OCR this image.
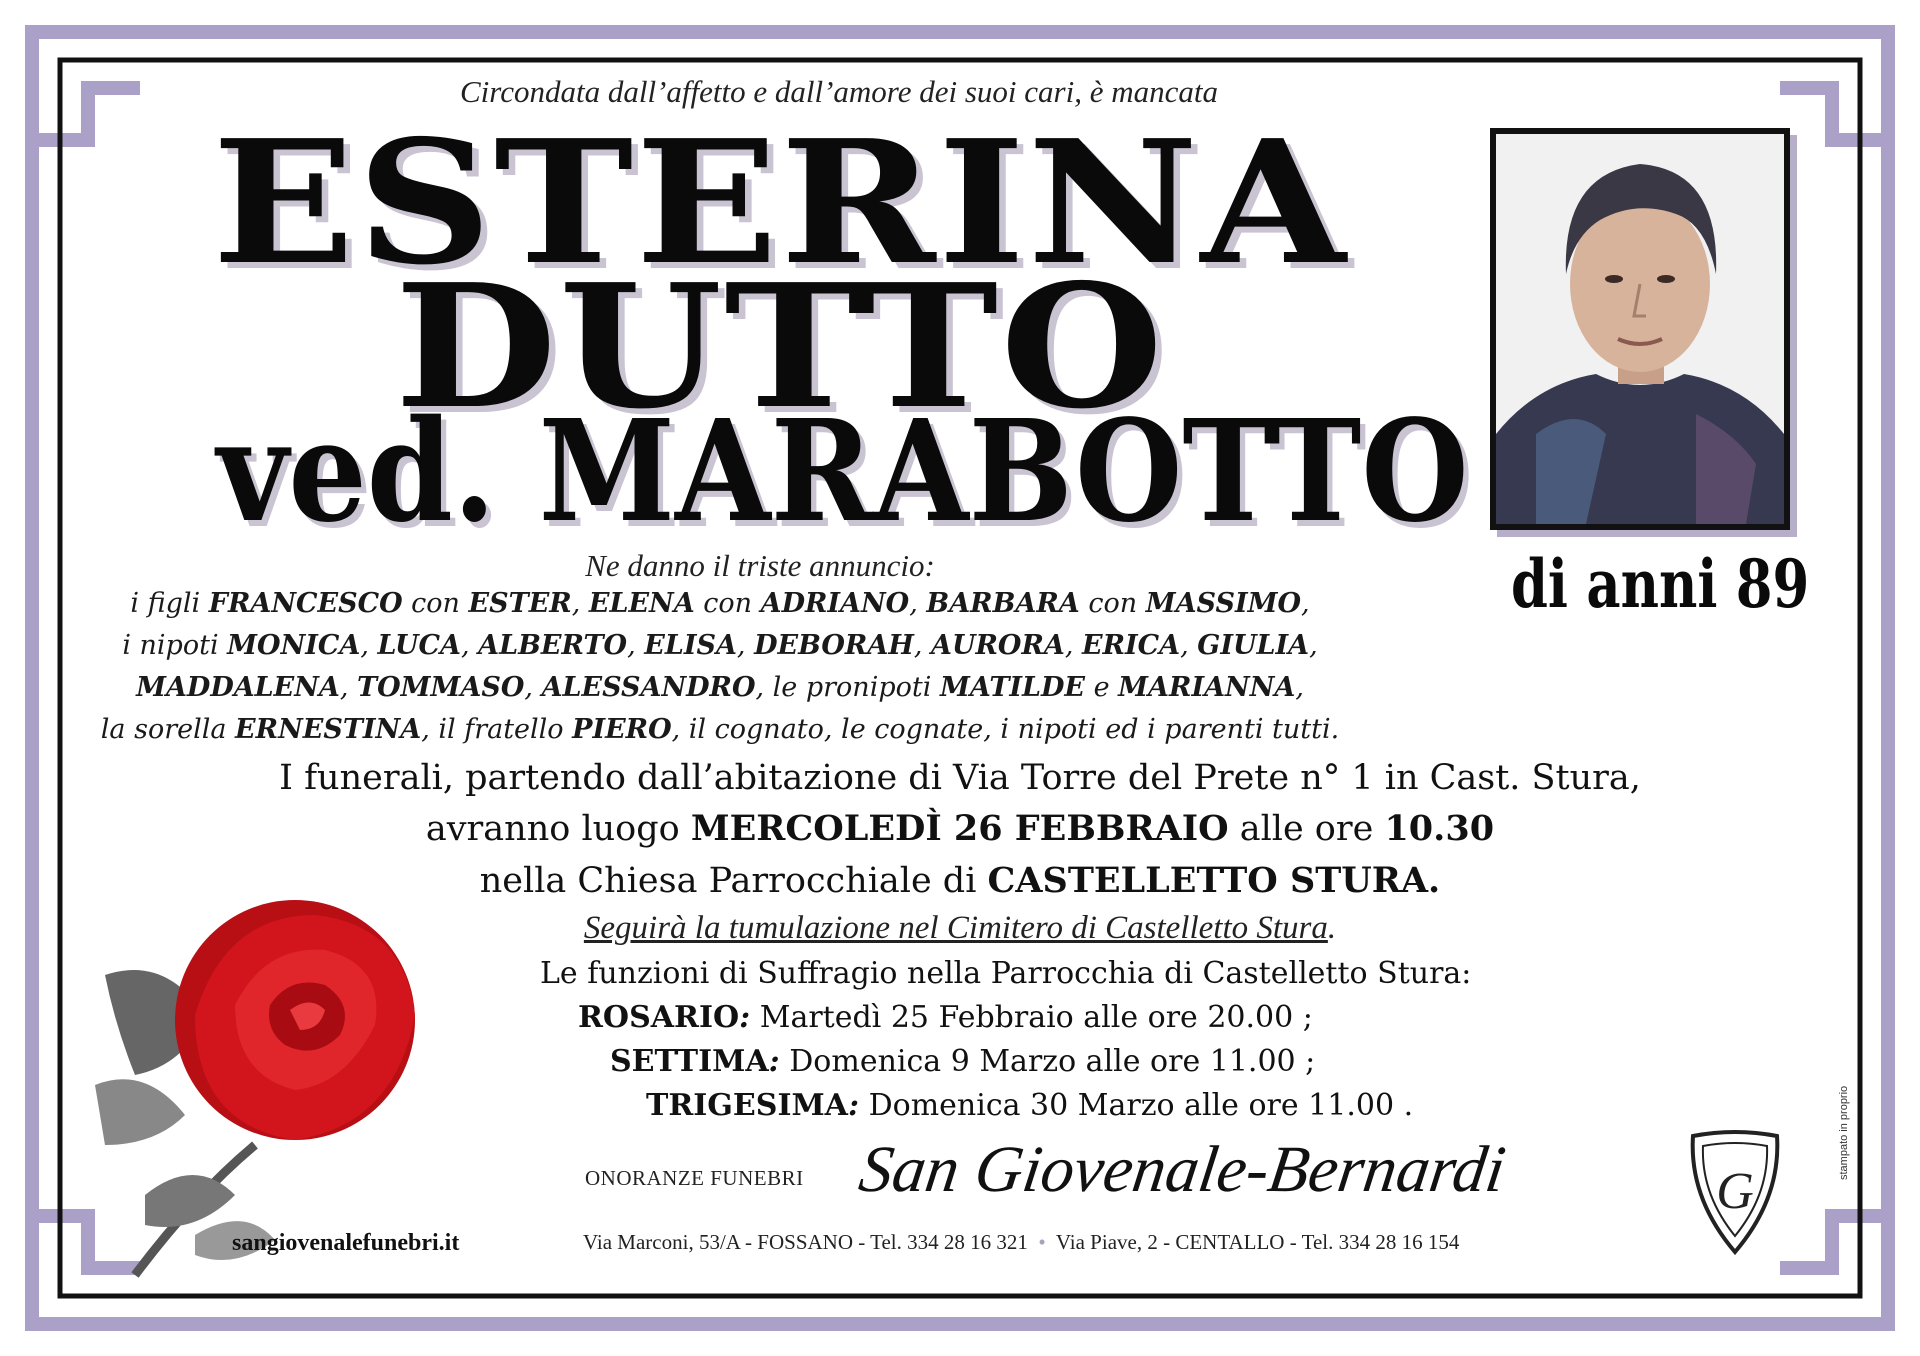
Circondata dall’affetto e dall’amore dei suoi cari, è mancata
ESTERINA
DUTTO
ved. MARABOTTO
di anni 89
Ne danno il triste annuncio:
i figli FRANCESCO con ESTER, ELENA con ADRIANO, BARBARA con MASSIMO,
i nipoti MONICA, LUCA, ALBERTO, ELISA, DEBORAH, AURORA, ERICA, GIULIA,
MADDALENA, TOMMASO, ALESSANDRO, le pronipoti MATILDE e MARIANNA,
la sorella ERNESTINA, il fratello PIERO, il cognato, le cognate, i nipoti ed i parenti tutti.
I funerali, partendo dall’abitazione di Via Torre del Prete n° 1 in Cast. Stura,
avranno luogo MERCOLEDÌ 26 FEBBRAIO alle ore 10.30
nella Chiesa Parrocchiale di CASTELLETTO STURA.
Seguirà la tumulazione nel Cimitero di Castelletto Stura.
Le funzioni di Suffragio nella Parrocchia di Castelletto Stura:
ROSARIO: Martedì 25 Febbraio alle ore 20.00 ;
SETTIMA: Domenica 9 Marzo alle ore 11.00 ;
TRIGESIMA: Domenica 30 Marzo alle ore 11.00 .
sangiovenalefunebri.it
ONORANZE FUNEBRI San Giovenale-Bernardi	G
Via Marconi, 53/A - FOSSANO - Tel. 334 28 16 321 • Via Piave, 2 - CENTALLO - Tel. 334 28 16 154
stampato in proprio
